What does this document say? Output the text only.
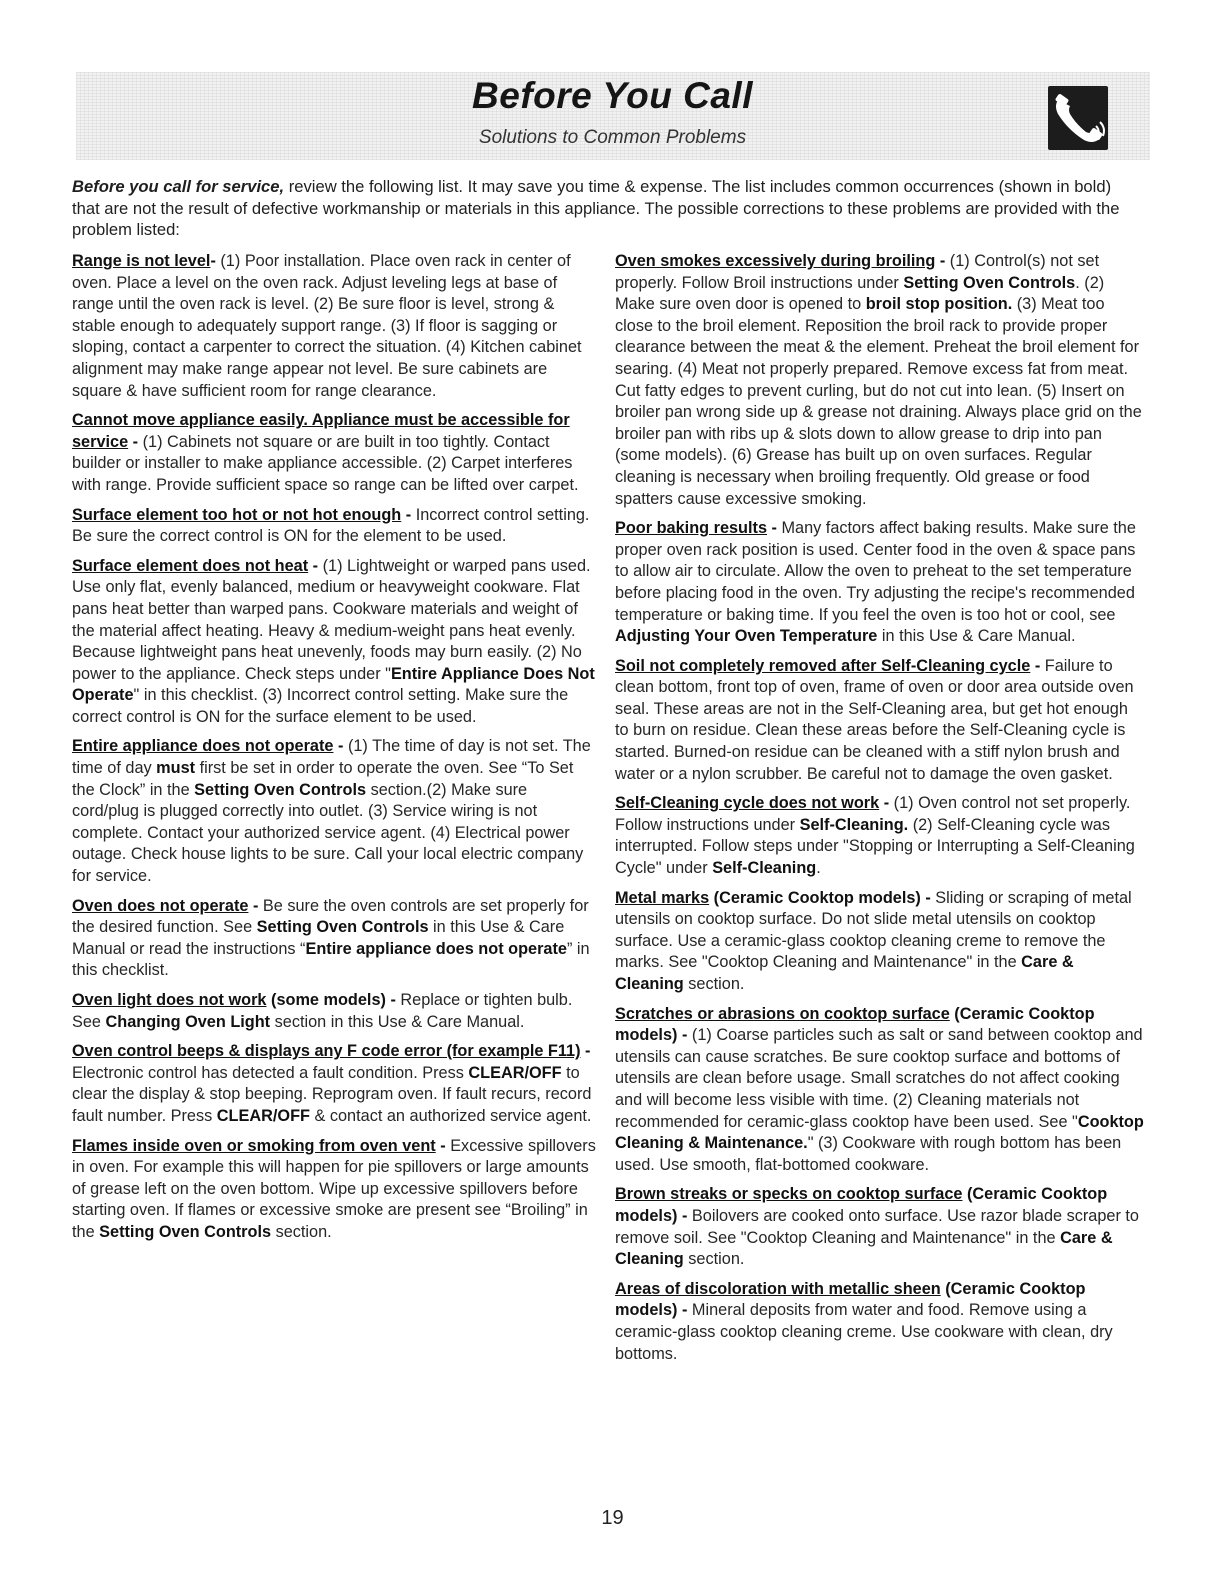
Before You Call
Solutions to Common Problems
Before you call for service, review the following list. It may save you time & expense. The list includes common occurrences (shown in bold) that are not the result of defective workmanship or materials in this appliance. The possible corrections to these problems are provided with the problem listed:
Range is not level- (1) Poor installation. Place oven rack in center of oven. Place a level on the oven rack. Adjust leveling legs at base of range until the oven rack is level. (2) Be sure floor is level, strong & stable enough to adequately support range. (3) If floor is sagging or sloping, contact a carpenter to correct the situation. (4) Kitchen cabinet alignment may make range appear not level. Be sure cabinets are square & have sufficient room for range clearance.
Cannot move appliance easily. Appliance must be accessible for service - (1) Cabinets not square or are built in too tightly. Contact builder or installer to make appliance accessible. (2) Carpet interferes with range. Provide sufficient space so range can be lifted over carpet.
Surface element too hot or not hot enough - Incorrect control setting. Be sure the correct control is ON for the element to be used.
Surface element does not heat - (1) Lightweight or warped pans used. Use only flat, evenly balanced, medium or heavyweight cookware. Flat pans heat better than warped pans. Cookware materials and weight of the material affect heating. Heavy & medium-weight pans heat evenly. Because lightweight pans heat unevenly, foods may burn easily. (2) No power to the appliance. Check steps under "Entire Appliance Does Not Operate" in this checklist. (3) Incorrect control setting. Make sure the correct control is ON for the surface element to be used.
Entire appliance does not operate - (1) The time of day is not set. The time of day must first be set in order to operate the oven. See “To Set the Clock” in the Setting Oven Controls section.(2) Make sure cord/plug is plugged correctly into outlet. (3) Service wiring is not complete. Contact your authorized service agent. (4) Electrical power outage. Check house lights to be sure. Call your local electric company for service.
Oven does not operate - Be sure the oven controls are set properly for the desired function. See Setting Oven Controls in this Use & Care Manual or read the instructions “Entire appliance does not operate” in this checklist.
Oven light does not work (some models) - Replace or tighten bulb. See Changing Oven Light section in this Use & Care Manual.
Oven control beeps & displays any F code error (for example F11) - Electronic control has detected a fault condition. Press CLEAR/OFF to clear the display & stop beeping. Reprogram oven. If fault recurs, record fault number. Press CLEAR/OFF & contact an authorized service agent.
Flames inside oven or smoking from oven vent - Excessive spillovers in oven. For example this will happen for pie spillovers or large amounts of grease left on the oven bottom. Wipe up excessive spillovers before starting oven. If flames or excessive smoke are present see “Broiling” in the Setting Oven Controls section.
Oven smokes excessively during broiling - (1) Control(s) not set properly. Follow Broil instructions under Setting Oven Controls. (2) Make sure oven door is opened to broil stop position. (3) Meat too close to the broil element. Reposition the broil rack to provide proper clearance between the meat & the element. Preheat the broil element for searing. (4) Meat not properly prepared. Remove excess fat from meat. Cut fatty edges to prevent curling, but do not cut into lean. (5) Insert on broiler pan wrong side up & grease not draining. Always place grid on the broiler pan with ribs up & slots down to allow grease to drip into pan (some models). (6) Grease has built up on oven surfaces. Regular cleaning is necessary when broiling frequently. Old grease or food spatters cause excessive smoking.
Poor baking results - Many factors affect baking results. Make sure the proper oven rack position is used. Center food in the oven & space pans to allow air to circulate. Allow the oven to preheat to the set temperature before placing food in the oven. Try adjusting the recipe's recommended temperature or baking time. If you feel the oven is too hot or cool, see Adjusting Your Oven Temperature in this Use & Care Manual.
Soil not completely removed after Self-Cleaning cycle - Failure to clean bottom, front top of oven, frame of oven or door area outside oven seal. These areas are not in the Self-Cleaning area, but get hot enough to burn on residue. Clean these areas before the Self-Cleaning cycle is started. Burned-on residue can be cleaned with a stiff nylon brush and water or a nylon scrubber. Be careful not to damage the oven gasket.
Self-Cleaning cycle does not work - (1) Oven control not set properly. Follow instructions under Self-Cleaning. (2) Self-Cleaning cycle was interrupted. Follow steps under "Stopping or Interrupting a Self-Cleaning Cycle" under Self-Cleaning.
Metal marks (Ceramic Cooktop models) - Sliding or scraping of metal utensils on cooktop surface. Do not slide metal utensils on cooktop surface. Use a ceramic-glass cooktop cleaning creme to remove the marks. See "Cooktop Cleaning and Maintenance" in the Care & Cleaning section.
Scratches or abrasions on cooktop surface (Ceramic Cooktop models) - (1) Coarse particles such as salt or sand between cooktop and utensils can cause scratches. Be sure cooktop surface and bottoms of utensils are clean before usage. Small scratches do not affect cooking and will become less visible with time. (2) Cleaning materials not recommended for ceramic-glass cooktop have been used. See "Cooktop Cleaning & Maintenance." (3) Cookware with rough bottom has been used. Use smooth, flat-bottomed cookware.
Brown streaks or specks on cooktop surface (Ceramic Cooktop models) - Boilovers are cooked onto surface. Use razor blade scraper to remove soil. See "Cooktop Cleaning and Maintenance" in the Care & Cleaning section.
Areas of discoloration with metallic sheen (Ceramic Cooktop models) - Mineral deposits from water and food. Remove using a ceramic-glass cooktop cleaning creme. Use cookware with clean, dry bottoms.
19
